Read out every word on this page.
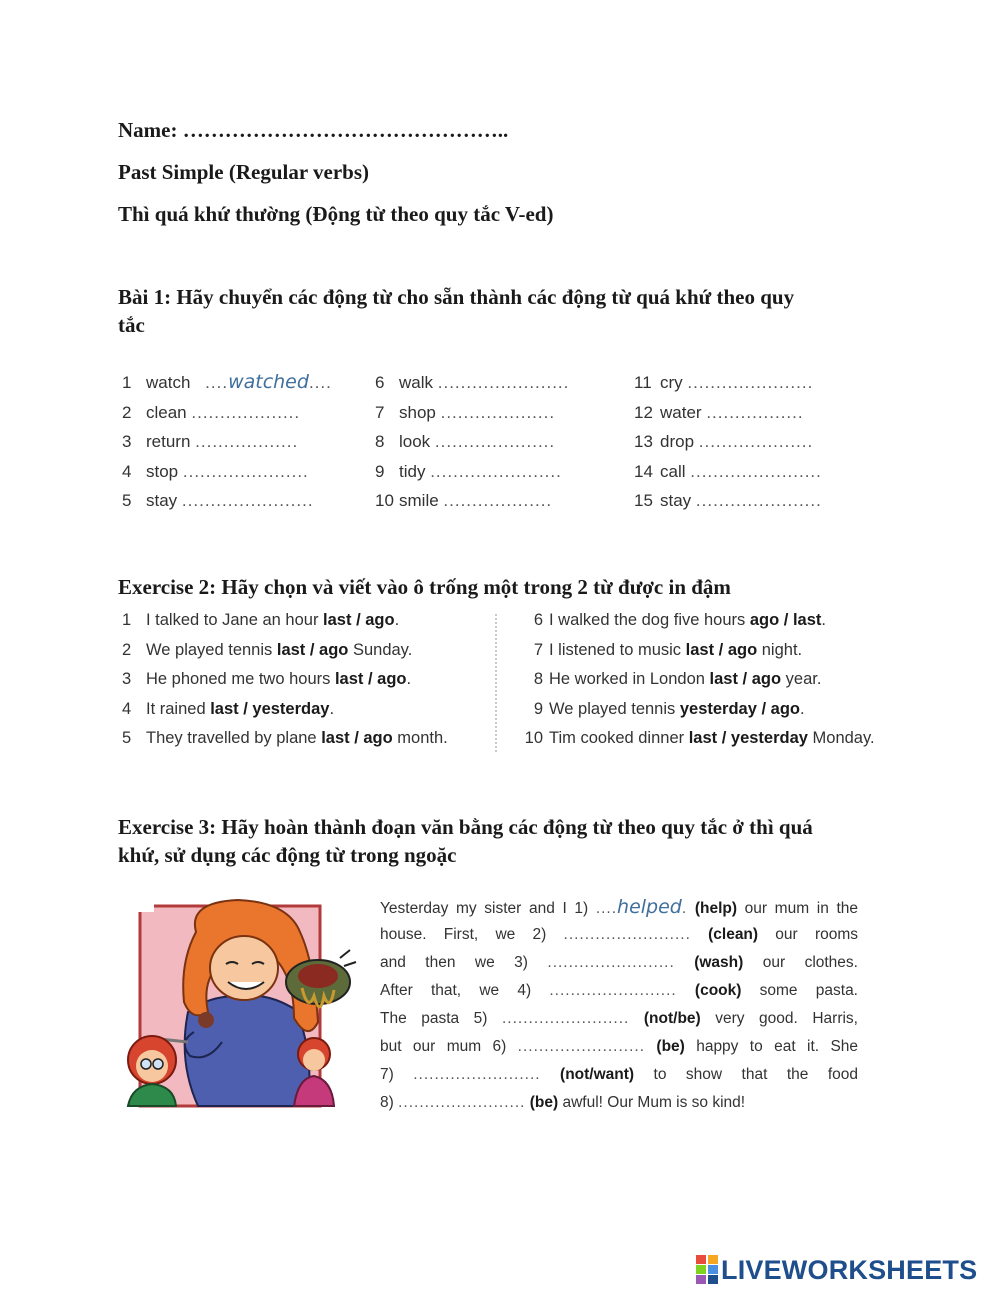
Name: ………………………………………..

Past Simple (Regular verbs)

Thì quá khứ thường (Động từ theo quy tắc V-ed)

Bài 1: Hãy chuyển các động từ cho sẵn thành các động từ quá khứ theo quy

tắc

1 watch ....watched....
2 clean ...................
3 return ..................
4 stop ......................
5 stay .......................
6 walk .......................
7 shop ....................
8 look .....................
9 tidy .......................
10 smile ...................
11 cry ......................
12 water .................
13 drop ....................
14 call .......................
15 stay ......................

Exercise 2: Hãy chọn và viết vào ô trống một trong 2 từ được in đậm

1 I talked to Jane an hour last / ago.
2 We played tennis last / ago Sunday.
3 He phoned me two hours last / ago.
4 It rained last / yesterday.
5 They travelled by plane last / ago month.
6 I walked the dog five hours ago / last.
7 I listened to music last / ago night.
8 He worked in London last / ago year.
9 We played tennis yesterday / ago.
10 Tim cooked dinner last / yesterday Monday.

Exercise 3: Hãy hoàn thành đoạn văn bằng các động từ theo quy tắc ở thì quá

khứ, sử dụng các động từ trong ngoặc

Yesterday my sister and I 1) ....helped. (help) our mum in the
house. First, we 2) ........................ (clean) our rooms
and then we 3) ........................ (wash) our clothes.
After that, we 4) ........................ (cook) some pasta.
The pasta 5) ........................ (not/be) very good. Harris,
but our mum 6) ........................ (be) happy to eat it. She
7) ........................ (not/want) to show that the food
8) ........................ (be) awful! Our Mum is so kind!
LIVEWORKSHEETS
